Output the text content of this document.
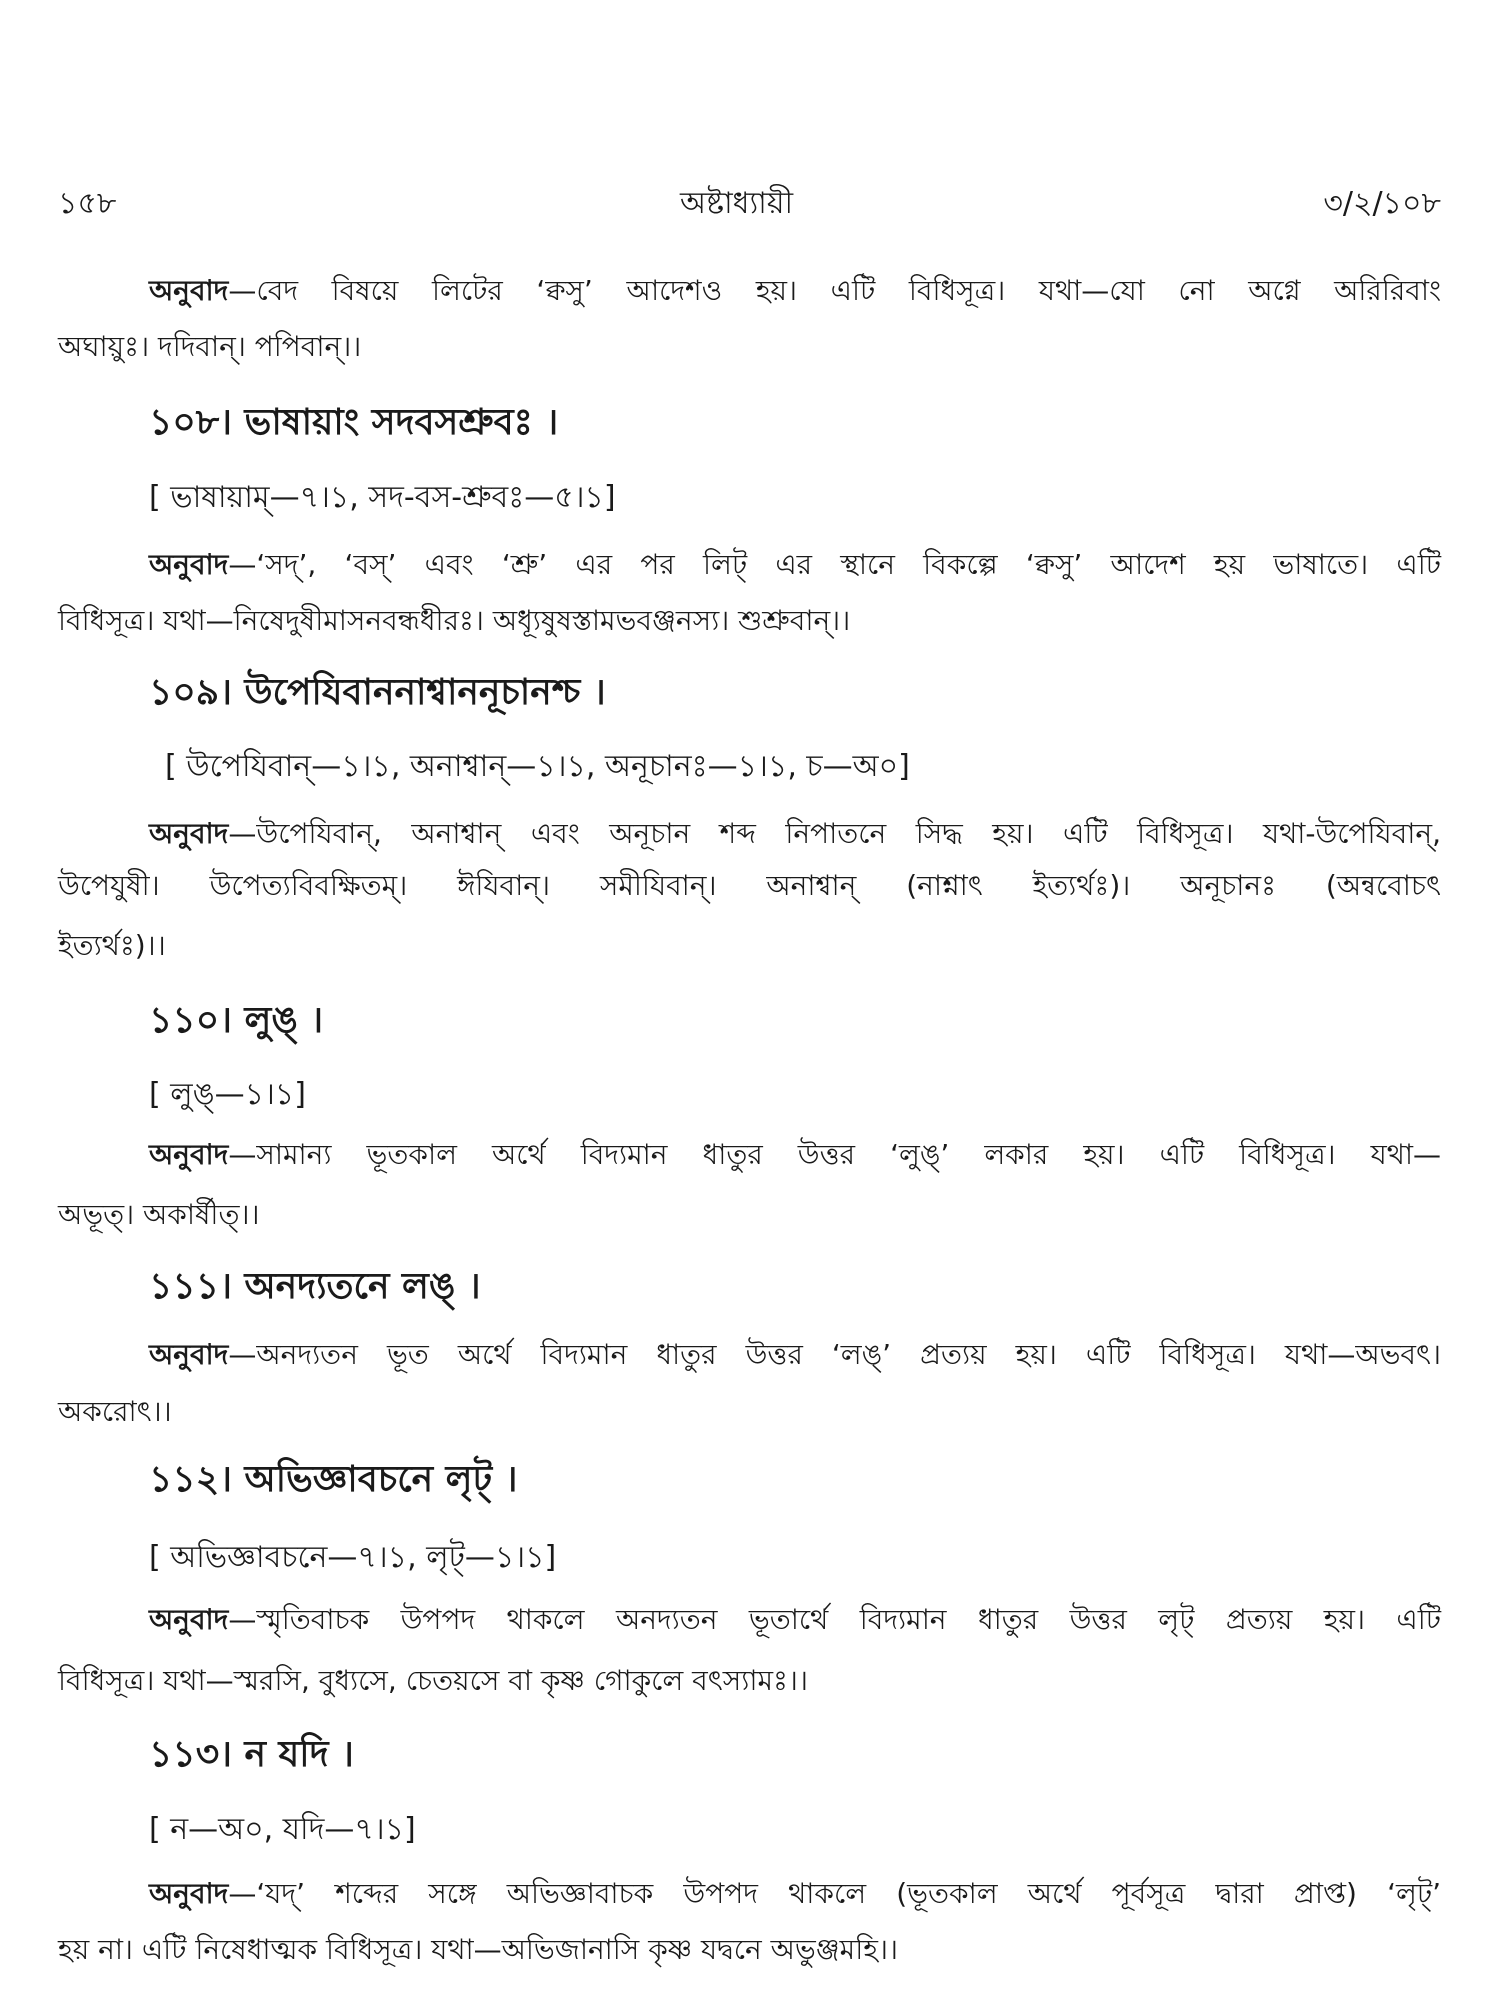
১৫৮	অষ্টাধ্যায়ী	৩/২/১০৮
অনুবাদ—বেদ বিষয়ে লিটের ‘ক্বসু’ আদেশও হয়। এটি বিধিসূত্র। যথা—যো নো অগ্নে অরিরিবাং
অঘায়ুঃ। দদিবান্। পপিবান্।।
১০৮। ভাষায়াং সদবসশ্রুবঃ ।
[ ভাষায়াম্—৭।১, সদ-বস-শ্রুবঃ—৫।১]
অনুবাদ—‘সদ্’, ‘বস্’ এবং ‘শ্রু’ এর পর লিট্ এর স্থানে বিকল্পে ‘ক্বসু’ আদেশ হয় ভাষাতে। এটি
বিধিসূত্র। যথা—নিষেদুষীমাসনবন্ধধীরঃ। অধ্যূষুষস্তামভবঞ্জনস্য। শুশ্রুবান্।।
১০৯। উপেযিবাননাশ্বাননূচানশ্চ ।
[ উপেযিবান্—১।১, অনাশ্বান্—১।১, অনূচানঃ—১।১, চ—অ০]
অনুবাদ—উপেযিবান্, অনাশ্বান্ এবং অনূচান শব্দ নিপাতনে সিদ্ধ হয়। এটি বিধিসূত্র। যথা-উপেযিবান্,
উপেযুষী। উপেত্যবিবক্ষিতম্। ঈযিবান্। সমীযিবান্। অনাশ্বান্ (নাশ্নাৎ ইত্যর্থঃ)। অনূচানঃ (অন্ববোচৎ
ইত্যর্থঃ)।।
১১০। লুঙ্ ।
[ লুঙ্—১।১]
অনুবাদ—সামান্য ভূতকাল অর্থে বিদ্যমান ধাতুর উত্তর ‘লুঙ্’ লকার হয়। এটি বিধিসূত্র। যথা—
অভূত্। অকার্ষীত্।।
১১১। অনদ্যতনে লঙ্ ।
অনুবাদ—অনদ্যতন ভূত অর্থে বিদ্যমান ধাতুর উত্তর ‘লঙ্’ প্রত্যয় হয়। এটি বিধিসূত্র। যথা—অভবৎ।
অকরোৎ।।
১১২। অভিজ্ঞাবচনে লৃট্ ।
[ অভিজ্ঞাবচনে—৭।১, লৃট্—১।১]
অনুবাদ—স্মৃতিবাচক উপপদ থাকলে অনদ্যতন ভূতার্থে বিদ্যমান ধাতুর উত্তর লৃট্ প্রত্যয় হয়। এটি
বিধিসূত্র। যথা—স্মরসি, বুধ্যসে, চেতয়সে বা কৃষ্ণ গোকুলে বৎস্যামঃ।।
১১৩। ন যদি ।
[ ন—অ০, যদি—৭।১]
অনুবাদ—‘যদ্’ শব্দের সঙ্গে অভিজ্ঞাবাচক উপপদ থাকলে (ভূতকাল অর্থে পূর্বসূত্র দ্বারা প্রাপ্ত) ‘লৃট্’
হয় না। এটি নিষেধাত্মক বিধিসূত্র। যথা—অভিজানাসি কৃষ্ণ যদ্বনে অভুঞ্জমহি।।
